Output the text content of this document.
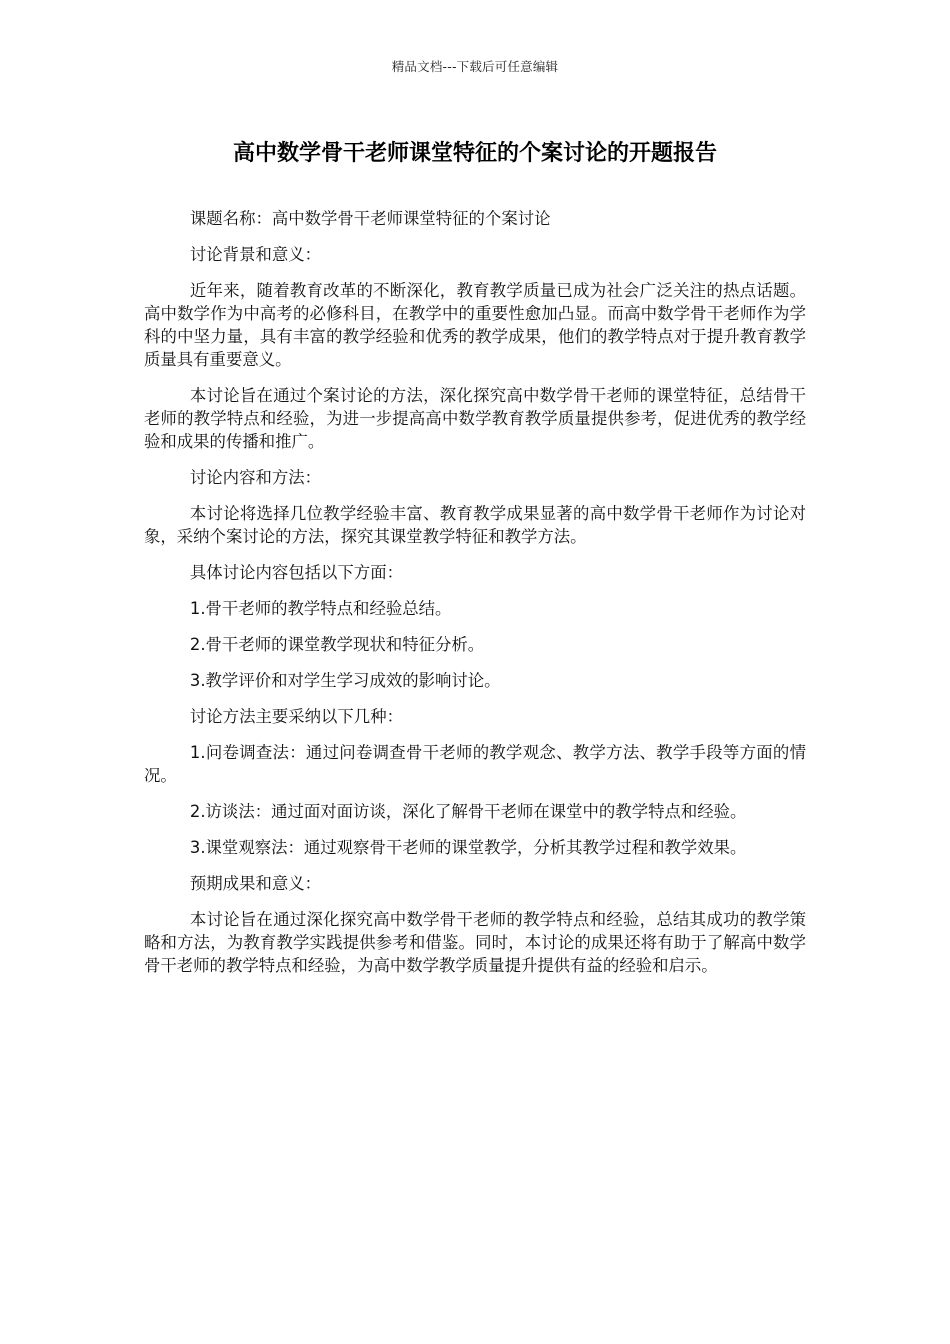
精品文档---下载后可任意编辑
高中数学骨干老师课堂特征的个案讨论的开题报告

课题名称：高中数学骨干老师课堂特征的个案讨论

讨论背景和意义：

近年来，随着教育改革的不断深化，教育教学质量已成为社会广泛关注的热点话题。高中数学作为中高考的必修科目，在教学中的重要性愈加凸显。而高中数学骨干老师作为学科的中坚力量，具有丰富的教学经验和优秀的教学成果，他们的教学特点对于提升教育教学质量具有重要意义。

本讨论旨在通过个案讨论的方法，深化探究高中数学骨干老师的课堂特征，总结骨干老师的教学特点和经验，为进一步提高高中数学教育教学质量提供参考，促进优秀的教学经验和成果的传播和推广。

讨论内容和方法：

本讨论将选择几位教学经验丰富、教育教学成果显著的高中数学骨干老师作为讨论对象，采纳个案讨论的方法，探究其课堂教学特征和教学方法。

具体讨论内容包括以下方面：

1.骨干老师的教学特点和经验总结。

2.骨干老师的课堂教学现状和特征分析。

3.教学评价和对学生学习成效的影响讨论。

讨论方法主要采纳以下几种：

1.问卷调查法：通过问卷调查骨干老师的教学观念、教学方法、教学手段等方面的情况。

2.访谈法：通过面对面访谈，深化了解骨干老师在课堂中的教学特点和经验。

3.课堂观察法：通过观察骨干老师的课堂教学，分析其教学过程和教学效果。

预期成果和意义：

本讨论旨在通过深化探究高中数学骨干老师的教学特点和经验，总结其成功的教学策略和方法，为教育教学实践提供参考和借鉴。同时，本讨论的成果还将有助于了解高中数学骨干老师的教学特点和经验，为高中数学教学质量提升提供有益的经验和启示。
